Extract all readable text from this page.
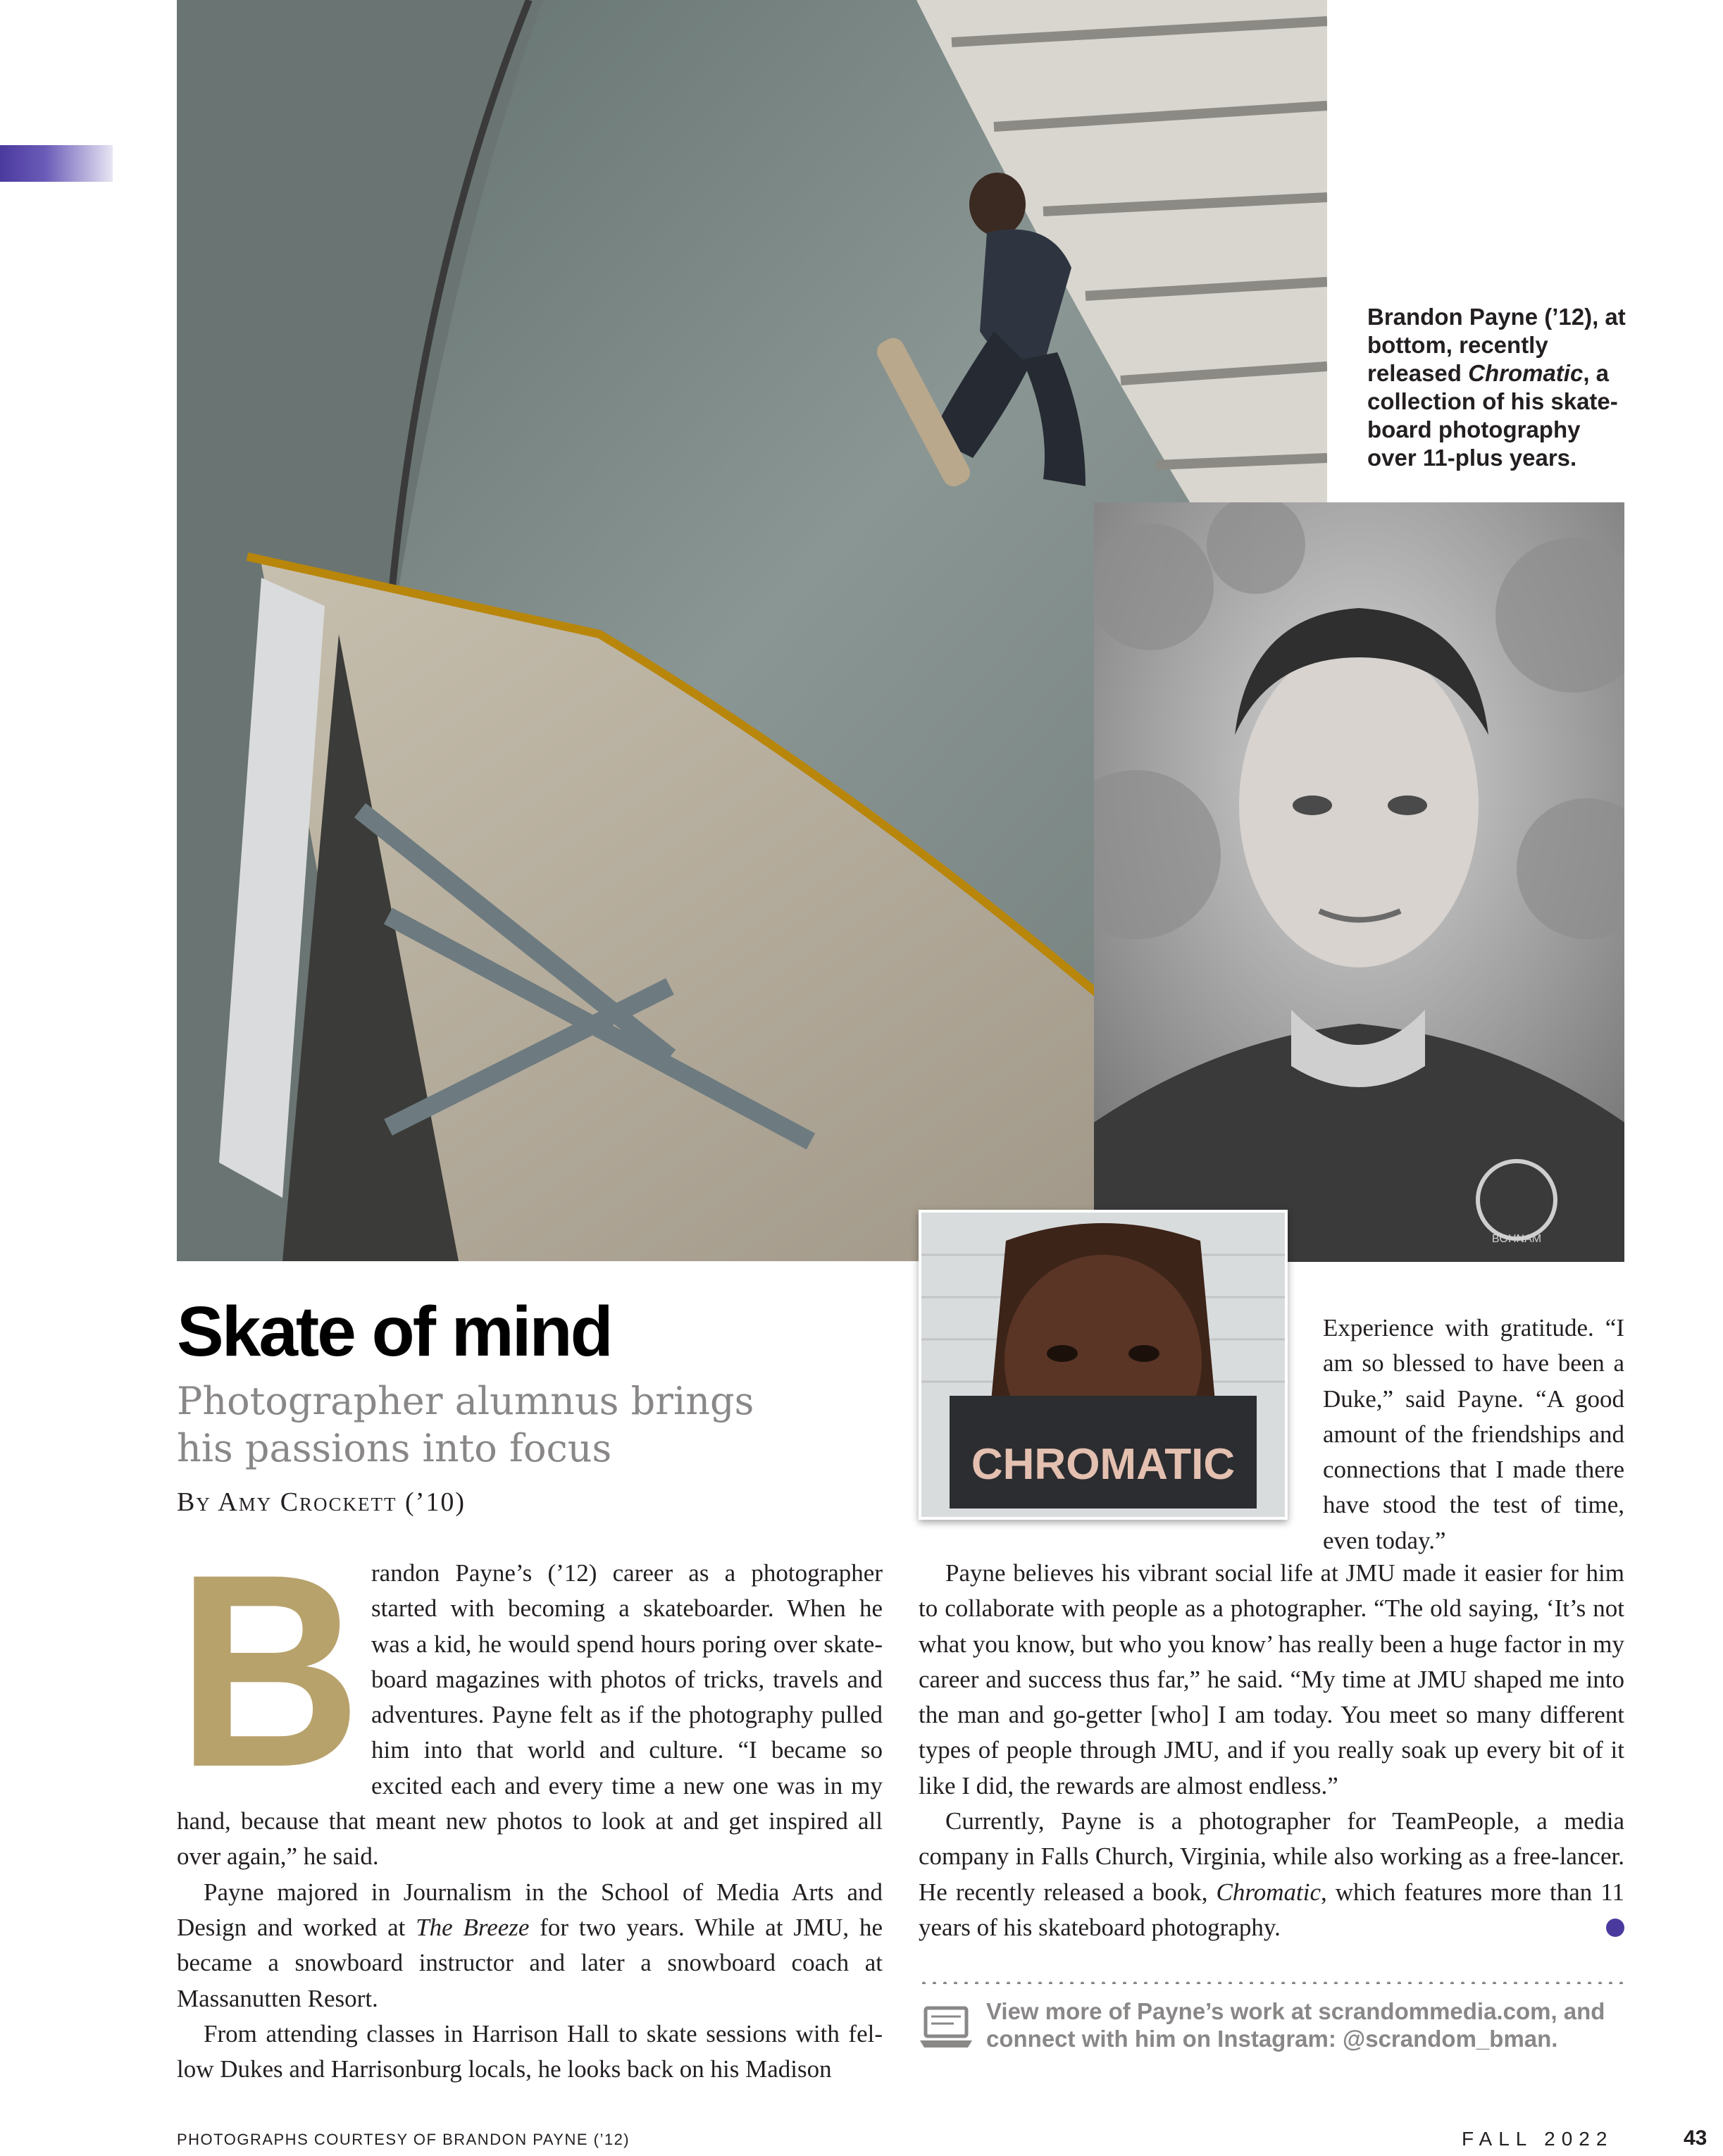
Brandon Payne (’12), at bottom, recently released Chromatic, a collection of his skate-board photography over 11-plus years.
BOHNAM
CHROMATIC
Skate of mind
Photographer alumnus brings his passions into focus
By Amy Crockett (’10)

B randon Payne’s (’12) career as a photographer started with becoming a skateboarder. When he was a kid, he would spend hours poring over skate-board magazines with photos of tricks, travels and adventures. Payne felt as if the photography pulled him into that world and culture. “I became so excited each and every time a new one was in my hand, because that meant new photos to look at and get inspired all over again,” he said.

Payne majored in Journalism in the School of Media Arts and Design and worked at The Breeze for two years. While at JMU, he became a snowboard instructor and later a snowboard coach at Massanutten Resort.

From attending classes in Harrison Hall to skate sessions with fel-low Dukes and Harrisonburg locals, he looks back on his Madison

Experience with gratitude. “I am so blessed to have been a Duke,” said Payne. “A good amount of the friendships and connections that I made there have stood the test of time, even today.”

Payne believes his vibrant social life at JMU made it easier for him to collaborate with people as a photographer. “The old saying, ‘It’s not what you know, but who you know’ has really been a huge factor in my career and success thus far,” he said. “My time at JMU shaped me into the man and go-getter [who] I am today. You meet so many different types of people through JMU, and if you really soak up every bit of it like I did, the rewards are almost endless.”

Currently, Payne is a photographer for TeamPeople, a media company in Falls Church, Virginia, while also working as a free-lancer. He recently released a book, Chromatic, which features more than 11 years of his skateboard photography.	✕

View more of Payne’s work at scrandommedia.com, and connect with him on Instagram: @scrandom_bman.
PHOTOGRAPHS COURTESY OF BRANDON PAYNE (’12)	FALL 2022	43
